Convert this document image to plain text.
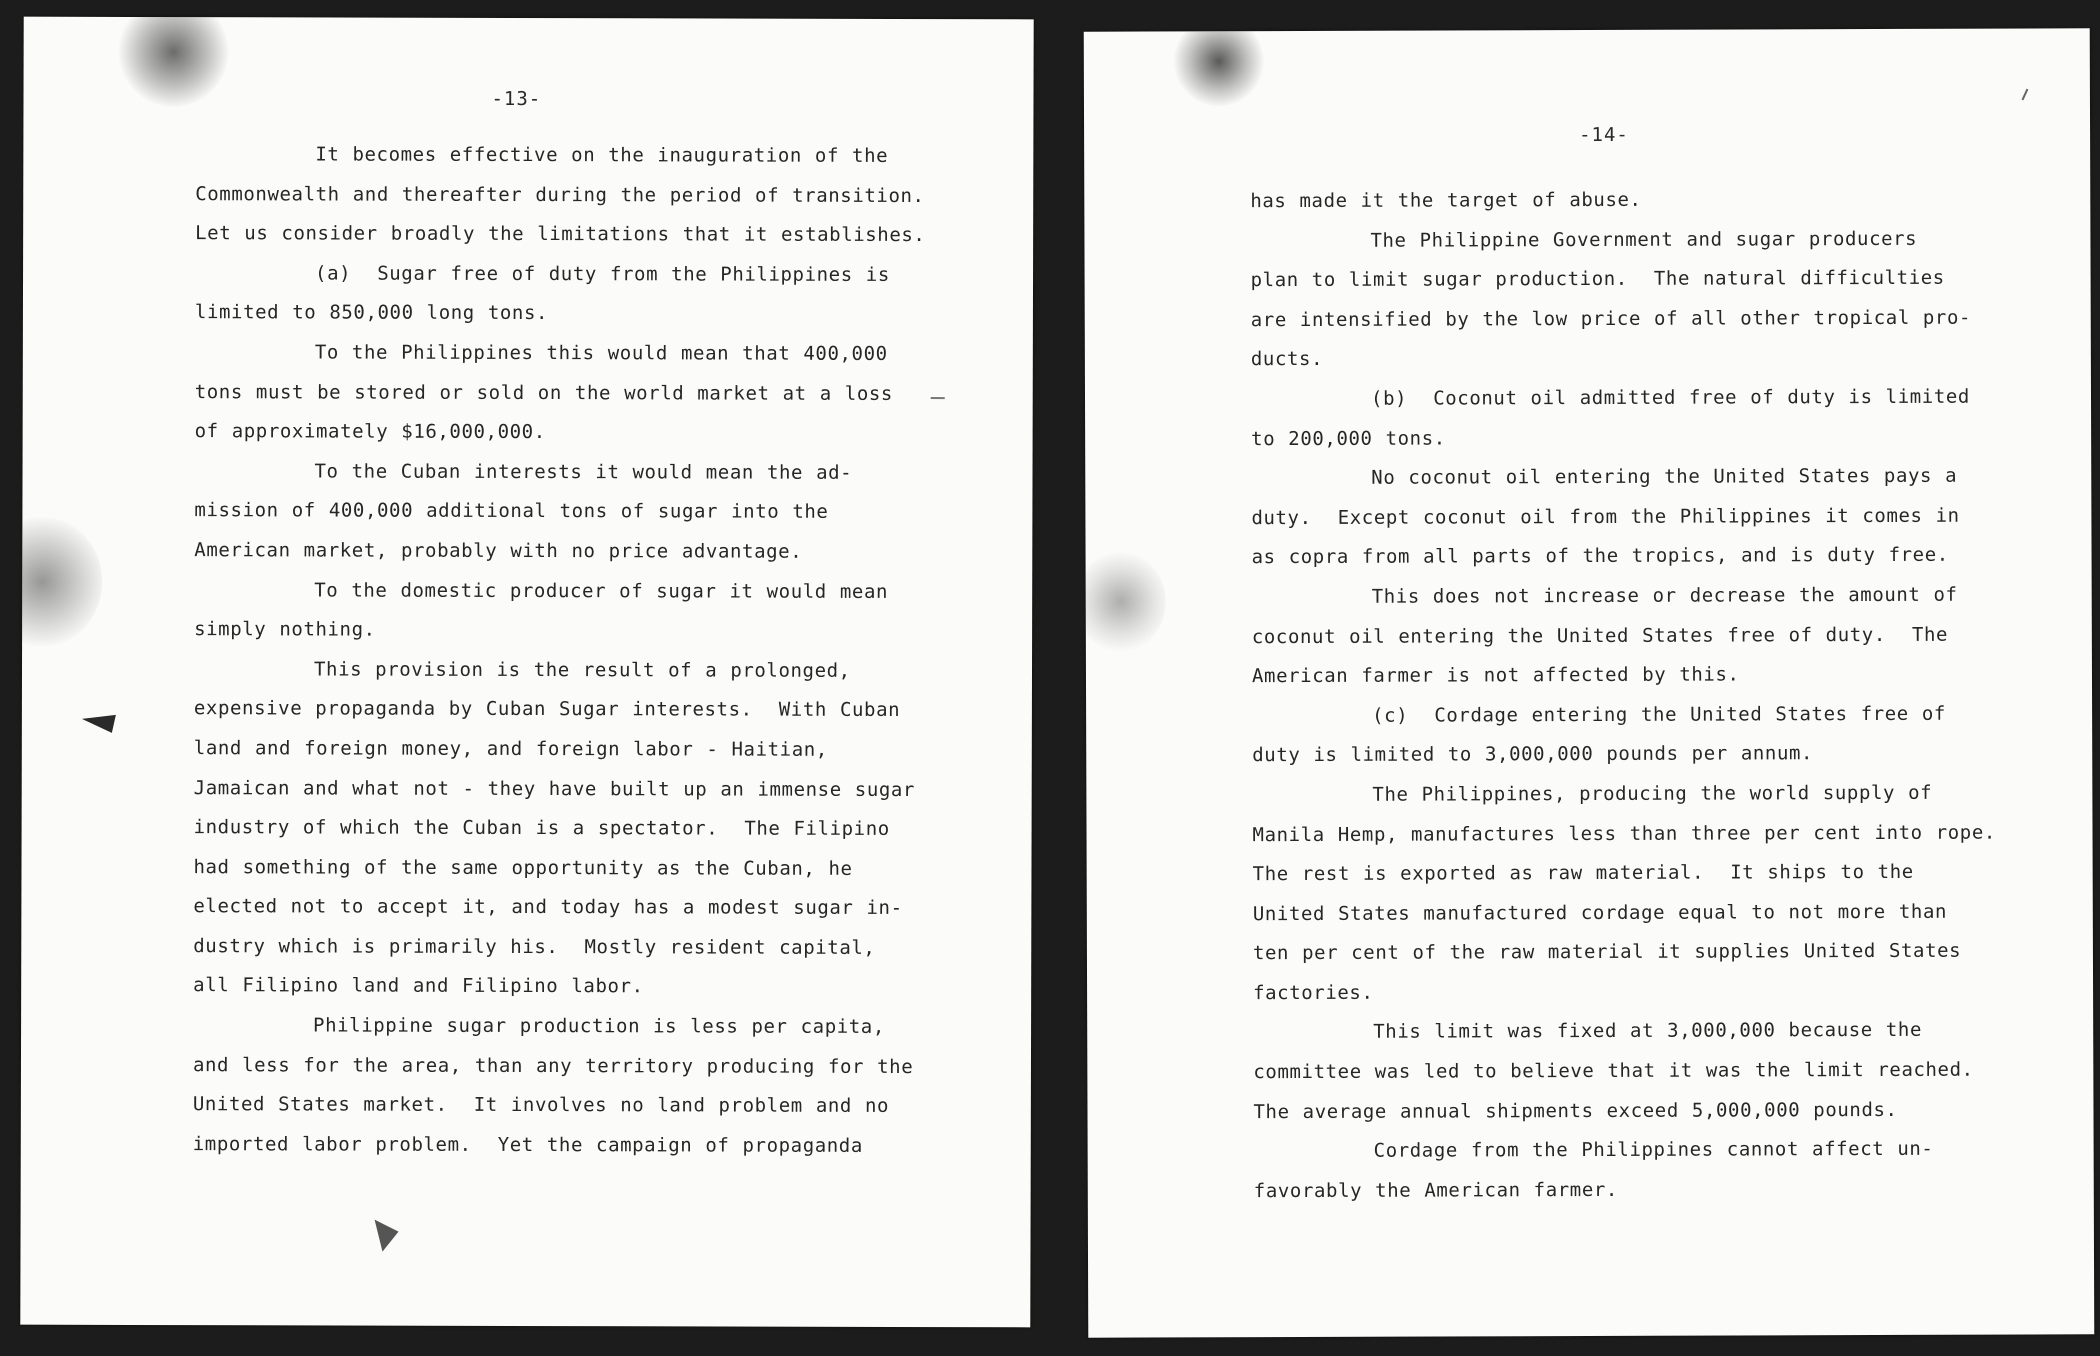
-13-
It becomes effective on the inauguration of the
Commonwealth and thereafter during the period of transition.
Let us consider broadly the limitations that it establishes.
(a)  Sugar free of duty from the Philippines is
limited to 850,000 long tons.
To the Philippines this would mean that 400,000
tons must be stored or sold on the world market at a loss
of approximately $16,000,000.
To the Cuban interests it would mean the ad-
mission of 400,000 additional tons of sugar into the
American market, probably with no price advantage.
To the domestic producer of sugar it would mean
simply nothing.
This provision is the result of a prolonged,
expensive propaganda by Cuban Sugar interests.  With Cuban
land and foreign money, and foreign labor - Haitian,
Jamaican and what not - they have built up an immense sugar
industry of which the Cuban is a spectator.  The Filipino
had something of the same opportunity as the Cuban, he
elected not to accept it, and today has a modest sugar in-
dustry which is primarily his.  Mostly resident capital,
all Filipino land and Filipino labor.
Philippine sugar production is less per capita,
and less for the area, than any territory producing for the
United States market.  It involves no land problem and no
imported labor problem.  Yet the campaign of propaganda
-14-
has made it the target of abuse.
The Philippine Government and sugar producers
plan to limit sugar production.  The natural difficulties
are intensified by the low price of all other tropical pro-
ducts.
(b)  Coconut oil admitted free of duty is limited
to 200,000 tons.
No coconut oil entering the United States pays a
duty.  Except coconut oil from the Philippines it comes in
as copra from all parts of the tropics, and is duty free.
This does not increase or decrease the amount of
coconut oil entering the United States free of duty.  The
American farmer is not affected by this.
(c)  Cordage entering the United States free of
duty is limited to 3,000,000 pounds per annum.
The Philippines, producing the world supply of
Manila Hemp, manufactures less than three per cent into rope.
The rest is exported as raw material.  It ships to the
United States manufactured cordage equal to not more than
ten per cent of the raw material it supplies United States
factories.
This limit was fixed at 3,000,000 because the
committee was led to believe that it was the limit reached.
The average annual shipments exceed 5,000,000 pounds.
Cordage from the Philippines cannot affect un-
favorably the American farmer.
